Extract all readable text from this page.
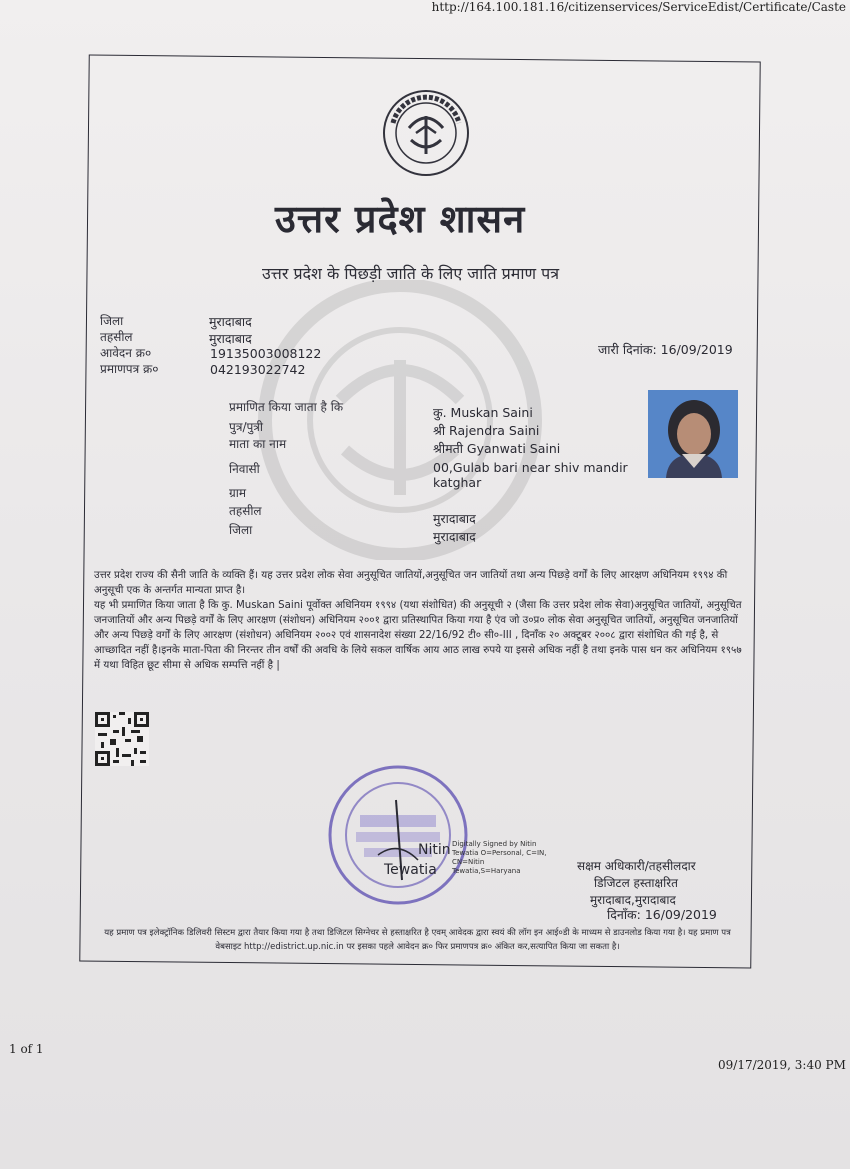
http://164.100.181.16/citizenservices/ServiceEdist/Certificate/Caste
उत्तर प्रदेश शासन
उत्तर प्रदेश के पिछड़ी जाति के लिए जाति प्रमाण पत्र
जिला	मुरादाबाद
तहसील	मुरादाबाद
आवेदन क्र०	19135003008122
प्रमाणपत्र क्र०	042193022742
जारी दिनांक: 16/09/2019
प्रमाणित किया जाता है कि	कु. Muskan Saini
पुत्र/पुत्री	श्री Rajendra Saini
माता का नाम	श्रीमती Gyanwati Saini
निवासी	00,Gulab bari near shiv mandir
katghar
ग्राम
तहसील	मुरादाबाद
जिला	मुरादाबाद
उत्तर प्रदेश राज्य की सैनी जाति के व्यक्ति हैं। यह उत्तर प्रदेश लोक सेवा अनुसूचित जातियों,अनुसूचित जन जातियों तथा अन्य पिछड़े वर्गों के लिए आरक्षण अधिनियम १९९४ की अनुसूची एक के अन्तर्गत मान्यता प्राप्त है।
यह भी प्रमाणित किया जाता है कि कु. Muskan Saini पूर्वोक्त अधिनियम १९९४ (यथा संशोधित) की अनुसूची २ (जैसा कि उत्तर प्रदेश लोक सेवा)अनुसूचित जातियों, अनुसूचित जनजातियों और अन्य पिछड़े वर्गों के लिए आरक्षण (संशोधन) अधिनियम २००१ द्वारा प्रतिस्थापित किया गया है एंव जो उ०प्र० लोक सेवा अनुसूचित जातियों, अनुसूचित जनजातियों और अन्य पिछड़े वर्गों के लिए आरक्षण (संशोधन) अधिनियम २००२ एवं शासनादेश संख्या 22/16/92 टी० सी०-III , दिनाँक २० अक्टूबर २००८ द्वारा संशोधित की गई है, से आच्छादित नहीं है।इनके माता-पिता की निरन्तर तीन वर्षों की अवधि के लिये सकल वार्षिक आय आठ लाख रुपये या इससे अधिक नहीं है तथा इनके पास धन कर अधिनियम १९५७ में यथा विहित छूट सीमा से अधिक सम्पत्ति नहीं है |
Nitin
Tewatia
Digitally Signed by Nitin Tewatia O=Personal, C=IN, CN=Nitin Tewatia,S=Haryana	सक्षम अधिकारी/तहसीलदार
डिजिटल हस्ताक्षरित
मुरादाबाद,मुरादाबाद
दिनाँक: 16/09/2019
यह प्रमाण पत्र इलेक्ट्रॉनिक डिलिवरी सिस्टम द्वारा तैयार किया गया है तथा डिजिटल सिग्नेचर से हस्ताक्षरित है एवम् आवेदक द्वारा स्वयं की लॉग इन आई०डी के माध्यम से डाउनलोड किया गया है। यह प्रमाण पत्र वेबसाइट http://edistrict.up.nic.in पर इसका पहले आवेदन क्र० फिर प्रमाणपत्र क्र० अंकित कर,सत्यापित किया जा सकता है।
1 of 1
09/17/2019, 3:40 PM
